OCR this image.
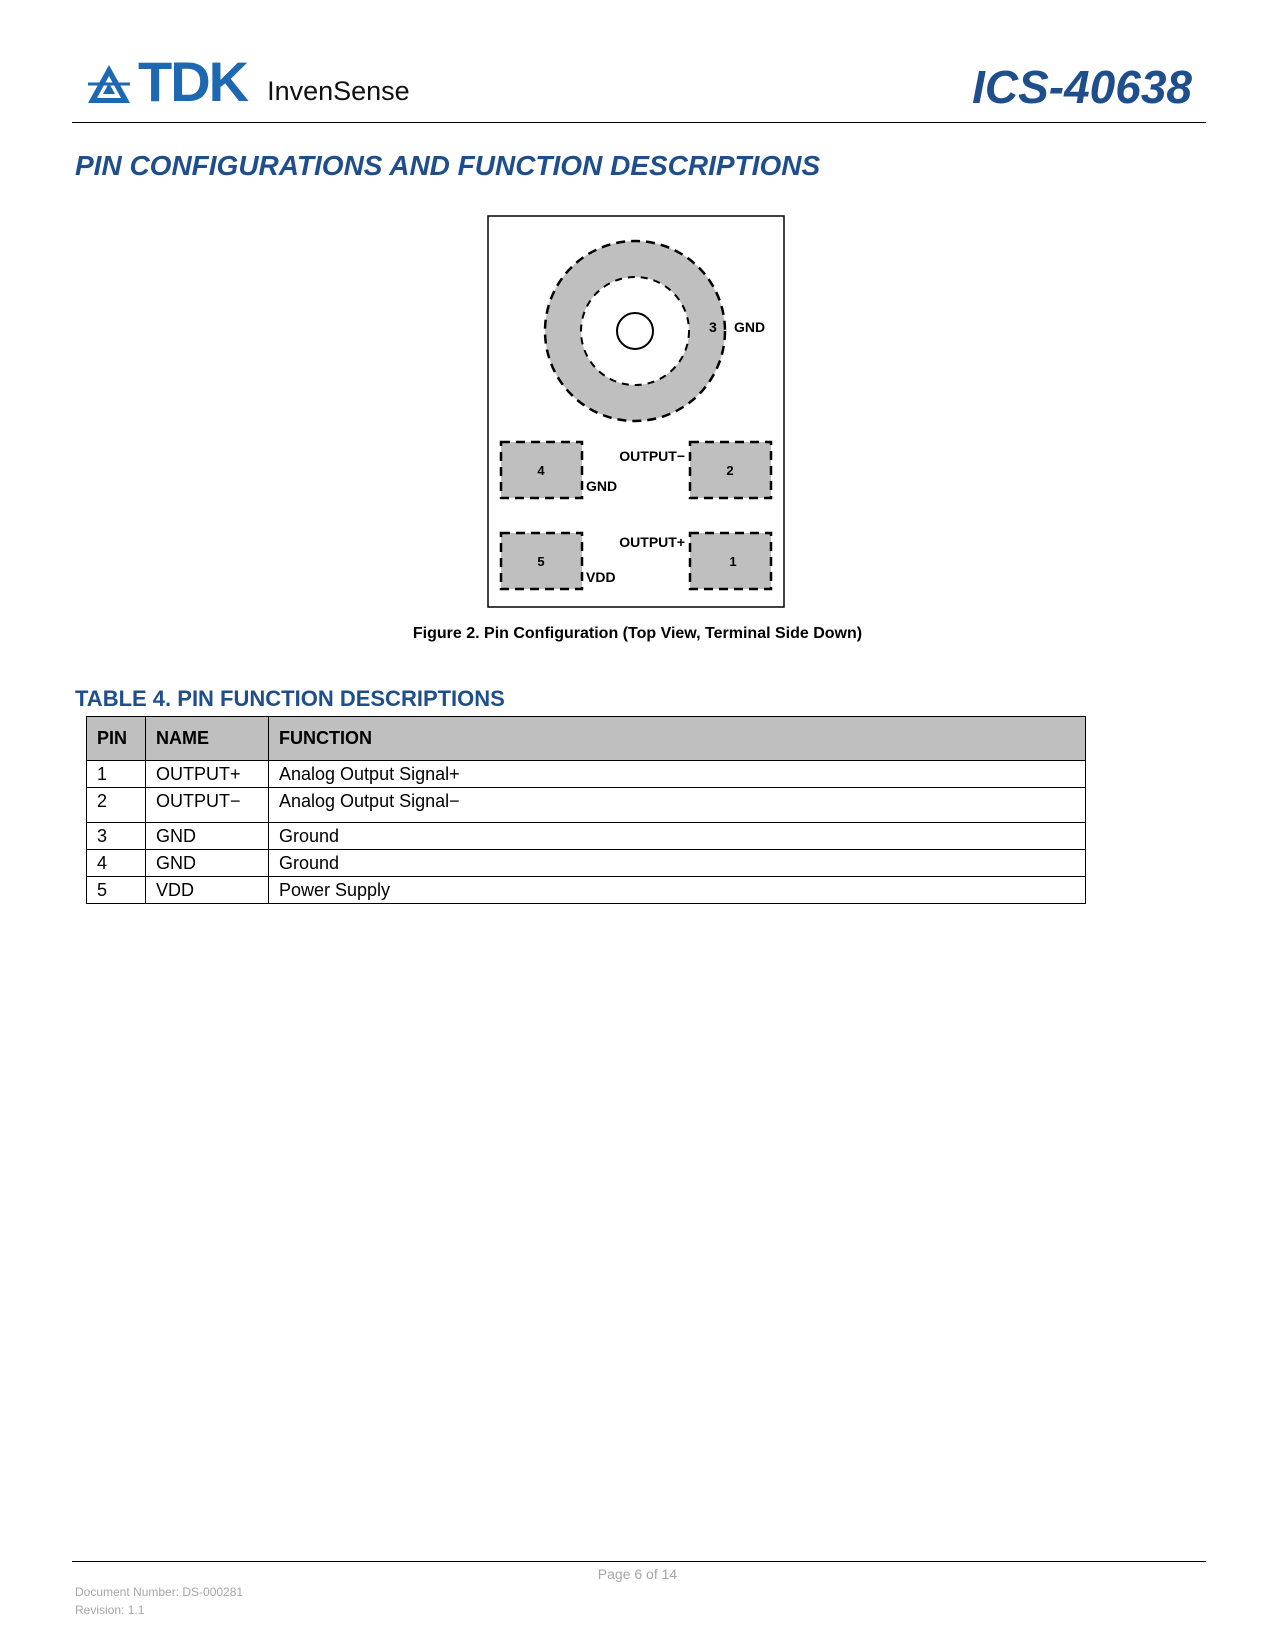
TDK InvenSense	ICS-40638
PIN CONFIGURATIONS AND FUNCTION DESCRIPTIONS
3 GND
4
GND
2
OUTPUT−
5
VDD
1
OUTPUT+
Figure 2. Pin Configuration (Top View, Terminal Side Down)
TABLE 4. PIN FUNCTION DESCRIPTIONS
PIN	NAME	FUNCTION
1	OUTPUT+	Analog Output Signal+
2	OUTPUT−	Analog Output Signal−
3	GND	Ground
4	GND	Ground
5	VDD	Power Supply
Page 6 of 14
Document Number: DS-000281
Revision: 1.1
